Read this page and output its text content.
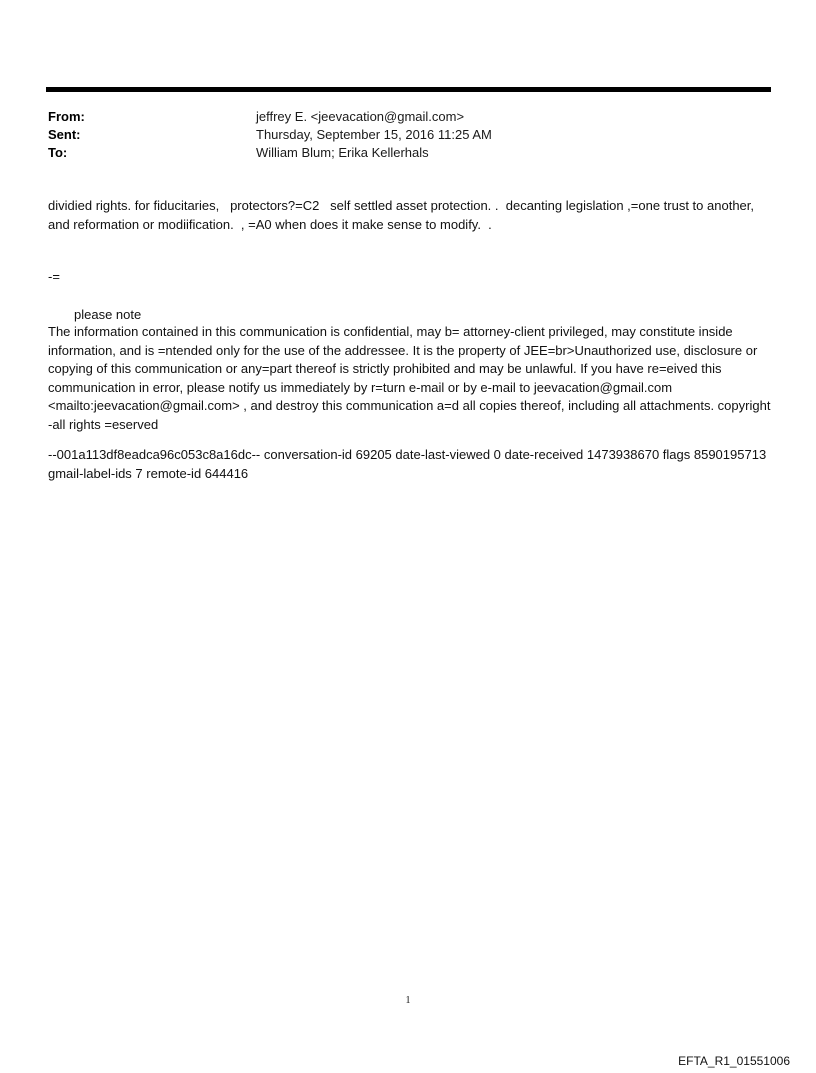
From:	jeffrey E. <jeevacation@gmail.com>
Sent:	Thursday, September 15, 2016 11:25 AM
To:	William Blum; Erika Kellerhals

dividied rights. for fiducitaries,   protectors?=C2   self settled asset protection. .  decanting legislation ,=one trust to another,  and reformation or modiification.  , =A0 when does it make sense to modify.  .

-=

please note

The information contained in this communication is confidential, may b= attorney-client privileged, may constitute inside information, and is =ntended only for the use of the addressee. It is the property of JEE=br>Unauthorized use, disclosure or copying of this communication or any=part thereof is strictly prohibited and may be unlawful. If you have re=eived this communication in error, please notify us immediately by r=turn e-mail or by e-mail to jeevacation@gmail.com <mailto:jeevacation@gmail.com> , and destroy this communication a=d all copies thereof, including all attachments. copyright -all rights =eserved

--001a113df8eadca96c053c8a16dc-- conversation-id 69205 date-last-viewed 0 date-received 1473938670 flags 8590195713 gmail-label-ids 7 remote-id 644416

1
EFTA_R1_01551006
